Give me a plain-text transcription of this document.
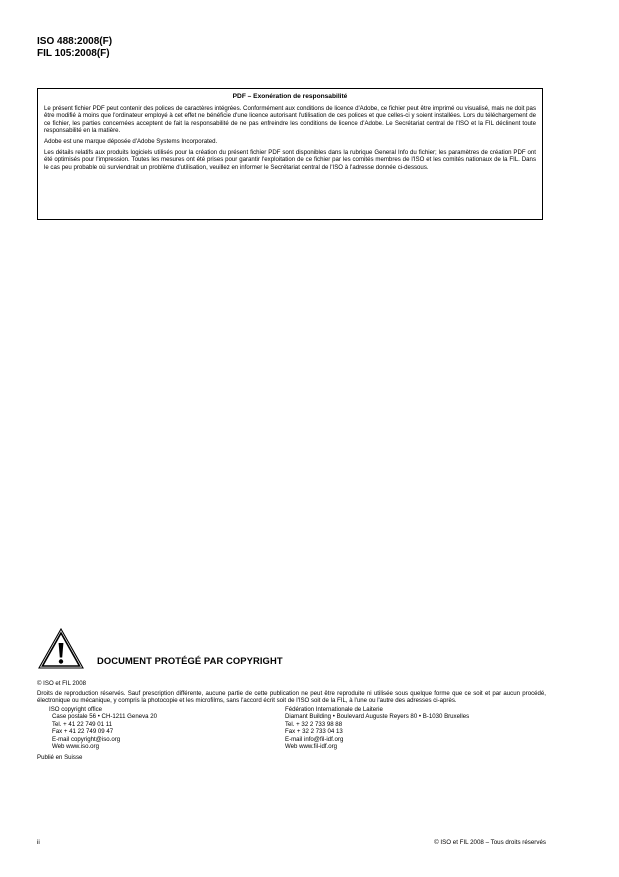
ISO 488:2008(F)
FIL 105:2008(F)
PDF – Exonération de responsabilité

Le présent fichier PDF peut contenir des polices de caractères intégrées. Conformément aux conditions de licence d'Adobe, ce fichier peut être imprimé ou visualisé, mais ne doit pas être modifié à moins que l'ordinateur employé à cet effet ne bénéficie d'une licence autorisant l'utilisation de ces polices et que celles-ci y soient installées. Lors du téléchargement de ce fichier, les parties concernées acceptent de fait la responsabilité de ne pas enfreindre les conditions de licence d'Adobe. Le Secrétariat central de l'ISO et la FIL déclinent toute responsabilité en la matière.

Adobe est une marque déposée d'Adobe Systems Incorporated.

Les détails relatifs aux produits logiciels utilisés pour la création du présent fichier PDF sont disponibles dans la rubrique General Info du fichier; les paramètres de création PDF ont été optimisés pour l'impression. Toutes les mesures ont été prises pour garantir l'exploitation de ce fichier par les comités membres de l'ISO et les comités nationaux de la FIL. Dans le cas peu probable où surviendrait un problème d'utilisation, veuillez en informer le Secrétariat central de l'ISO à l'adresse donnée ci-dessous.

DOCUMENT PROTÉGÉ PAR COPYRIGHT
© ISO et FIL 2008

Droits de reproduction réservés. Sauf prescription différente, aucune partie de cette publication ne peut être reproduite ni utilisée sous quelque forme que ce soit et par aucun procédé, électronique ou mécanique, y compris la photocopie et les microfilms, sans l'accord écrit soit de l'ISO soit de la FIL, à l'une ou l'autre des adresses ci-après.

ISO copyright office
Case postale 56 • CH-1211 Geneva 20
Tel. + 41 22 749 01 11
Fax + 41 22 749 09 47
E-mail copyright@iso.org
Web www.iso.org
Fédération Internationale de Laiterie
Diamant Building • Boulevard Auguste Reyers 80 • B-1030 Bruxelles
Tel. + 32 2 733 98 88
Fax + 32 2 733 04 13
E-mail info@fil-idf.org
Web www.fil-idf.org
Publié en Suisse
ii	© ISO et FIL 2008 – Tous droits réservés
